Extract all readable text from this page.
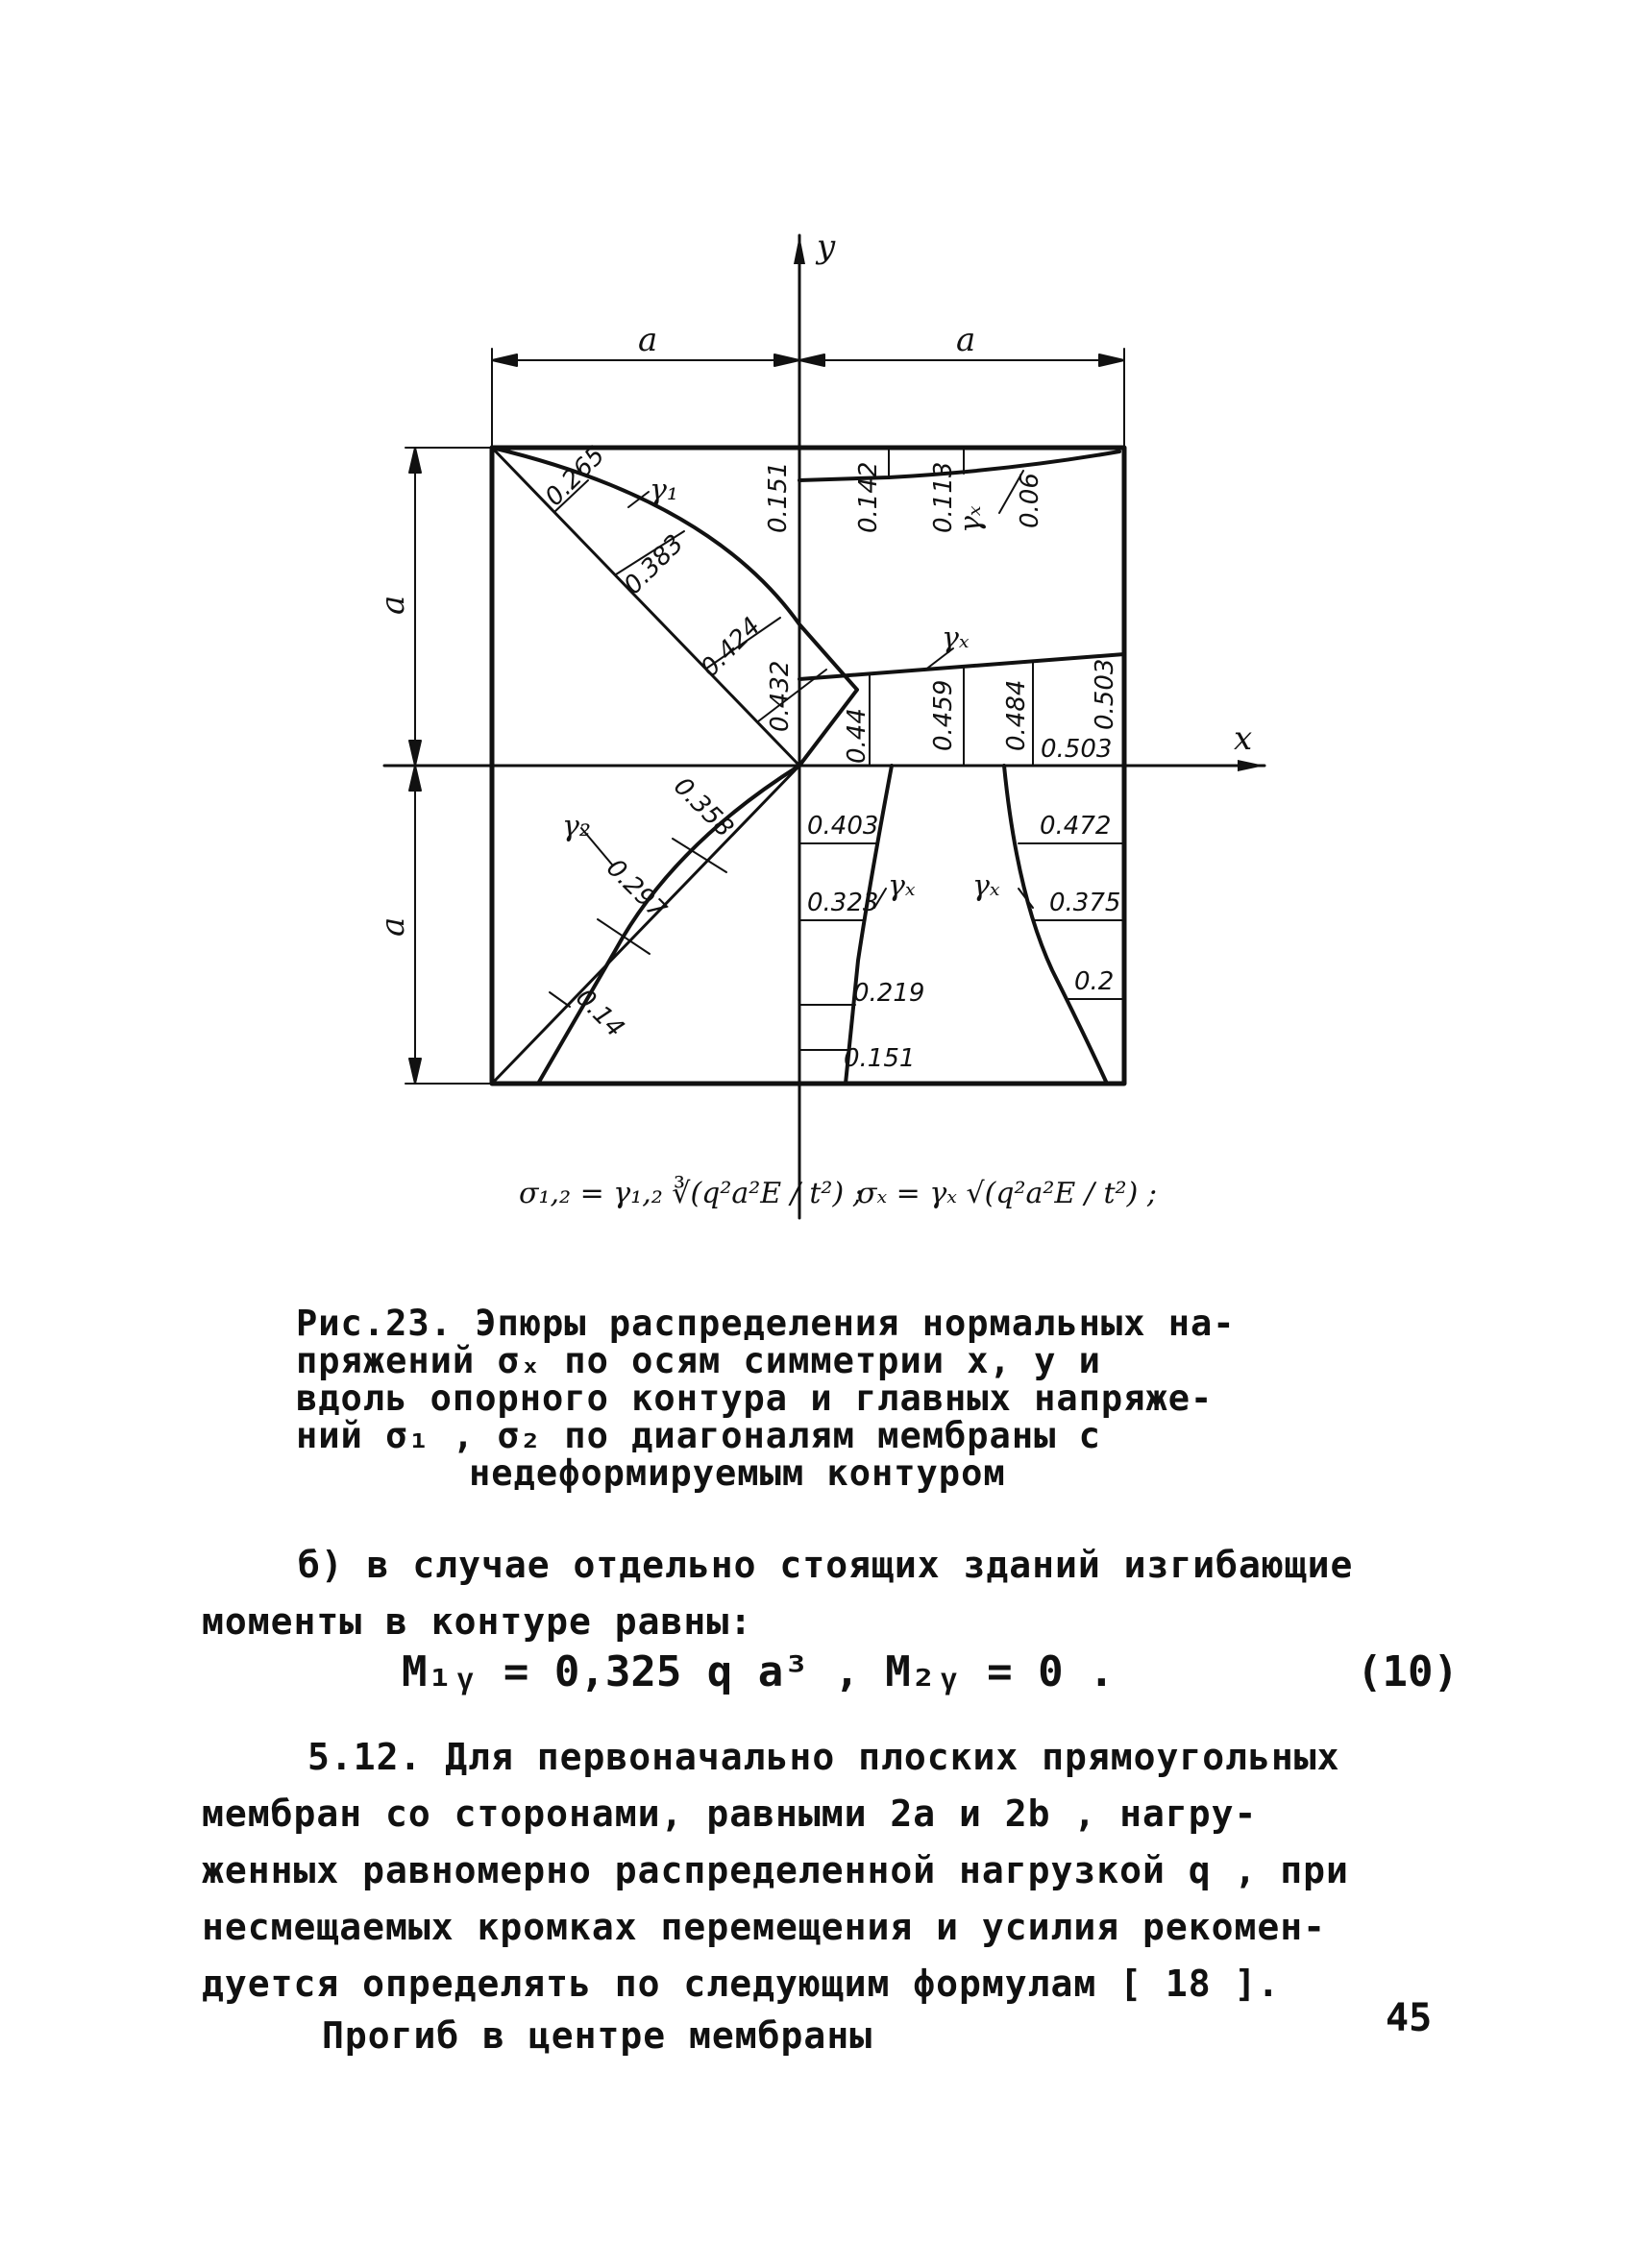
y
x
a	a
a
a
γ₁
γ₂
γₓ
γₓ
γₓ γₓ
0.265
0.383
0.424
0.432
0.358
0.297
0.14
0.151 0.142 0.113 0.06
0.44 0.459 0.484 0.503
0.503
0.403
0.323
0.219
0.151
0.472
0.375
0.2
σ₁,₂ = γ₁,₂ ∛(q²a²E / t²) ;
σₓ = γₓ √(q²a²E / t²) ;
Рис.23. Эпюры распределения нормальных на-
пряжений σₓ по осям симметрии x, y и
вдоль опорного контура и главных напряже-
ний σ₁ , σ₂ по диагоналям мембраны с
недеформируемым контуром
б) в случае отдельно стоящих зданий изгибающие
моменты в контуре равны:
M₁ᵧ = 0,325 q a³ , M₂ᵧ = 0 .	(10)
5.12. Для первоначально плоских прямоугольных
мембран со сторонами, равными 2a и 2b , нагру-
женных равномерно распределенной нагрузкой q , при
несмещаемых кромках перемещения и усилия рекомен-
дуется определять по следующим формулам [ 18 ].
Прогиб в центре мембраны	45
